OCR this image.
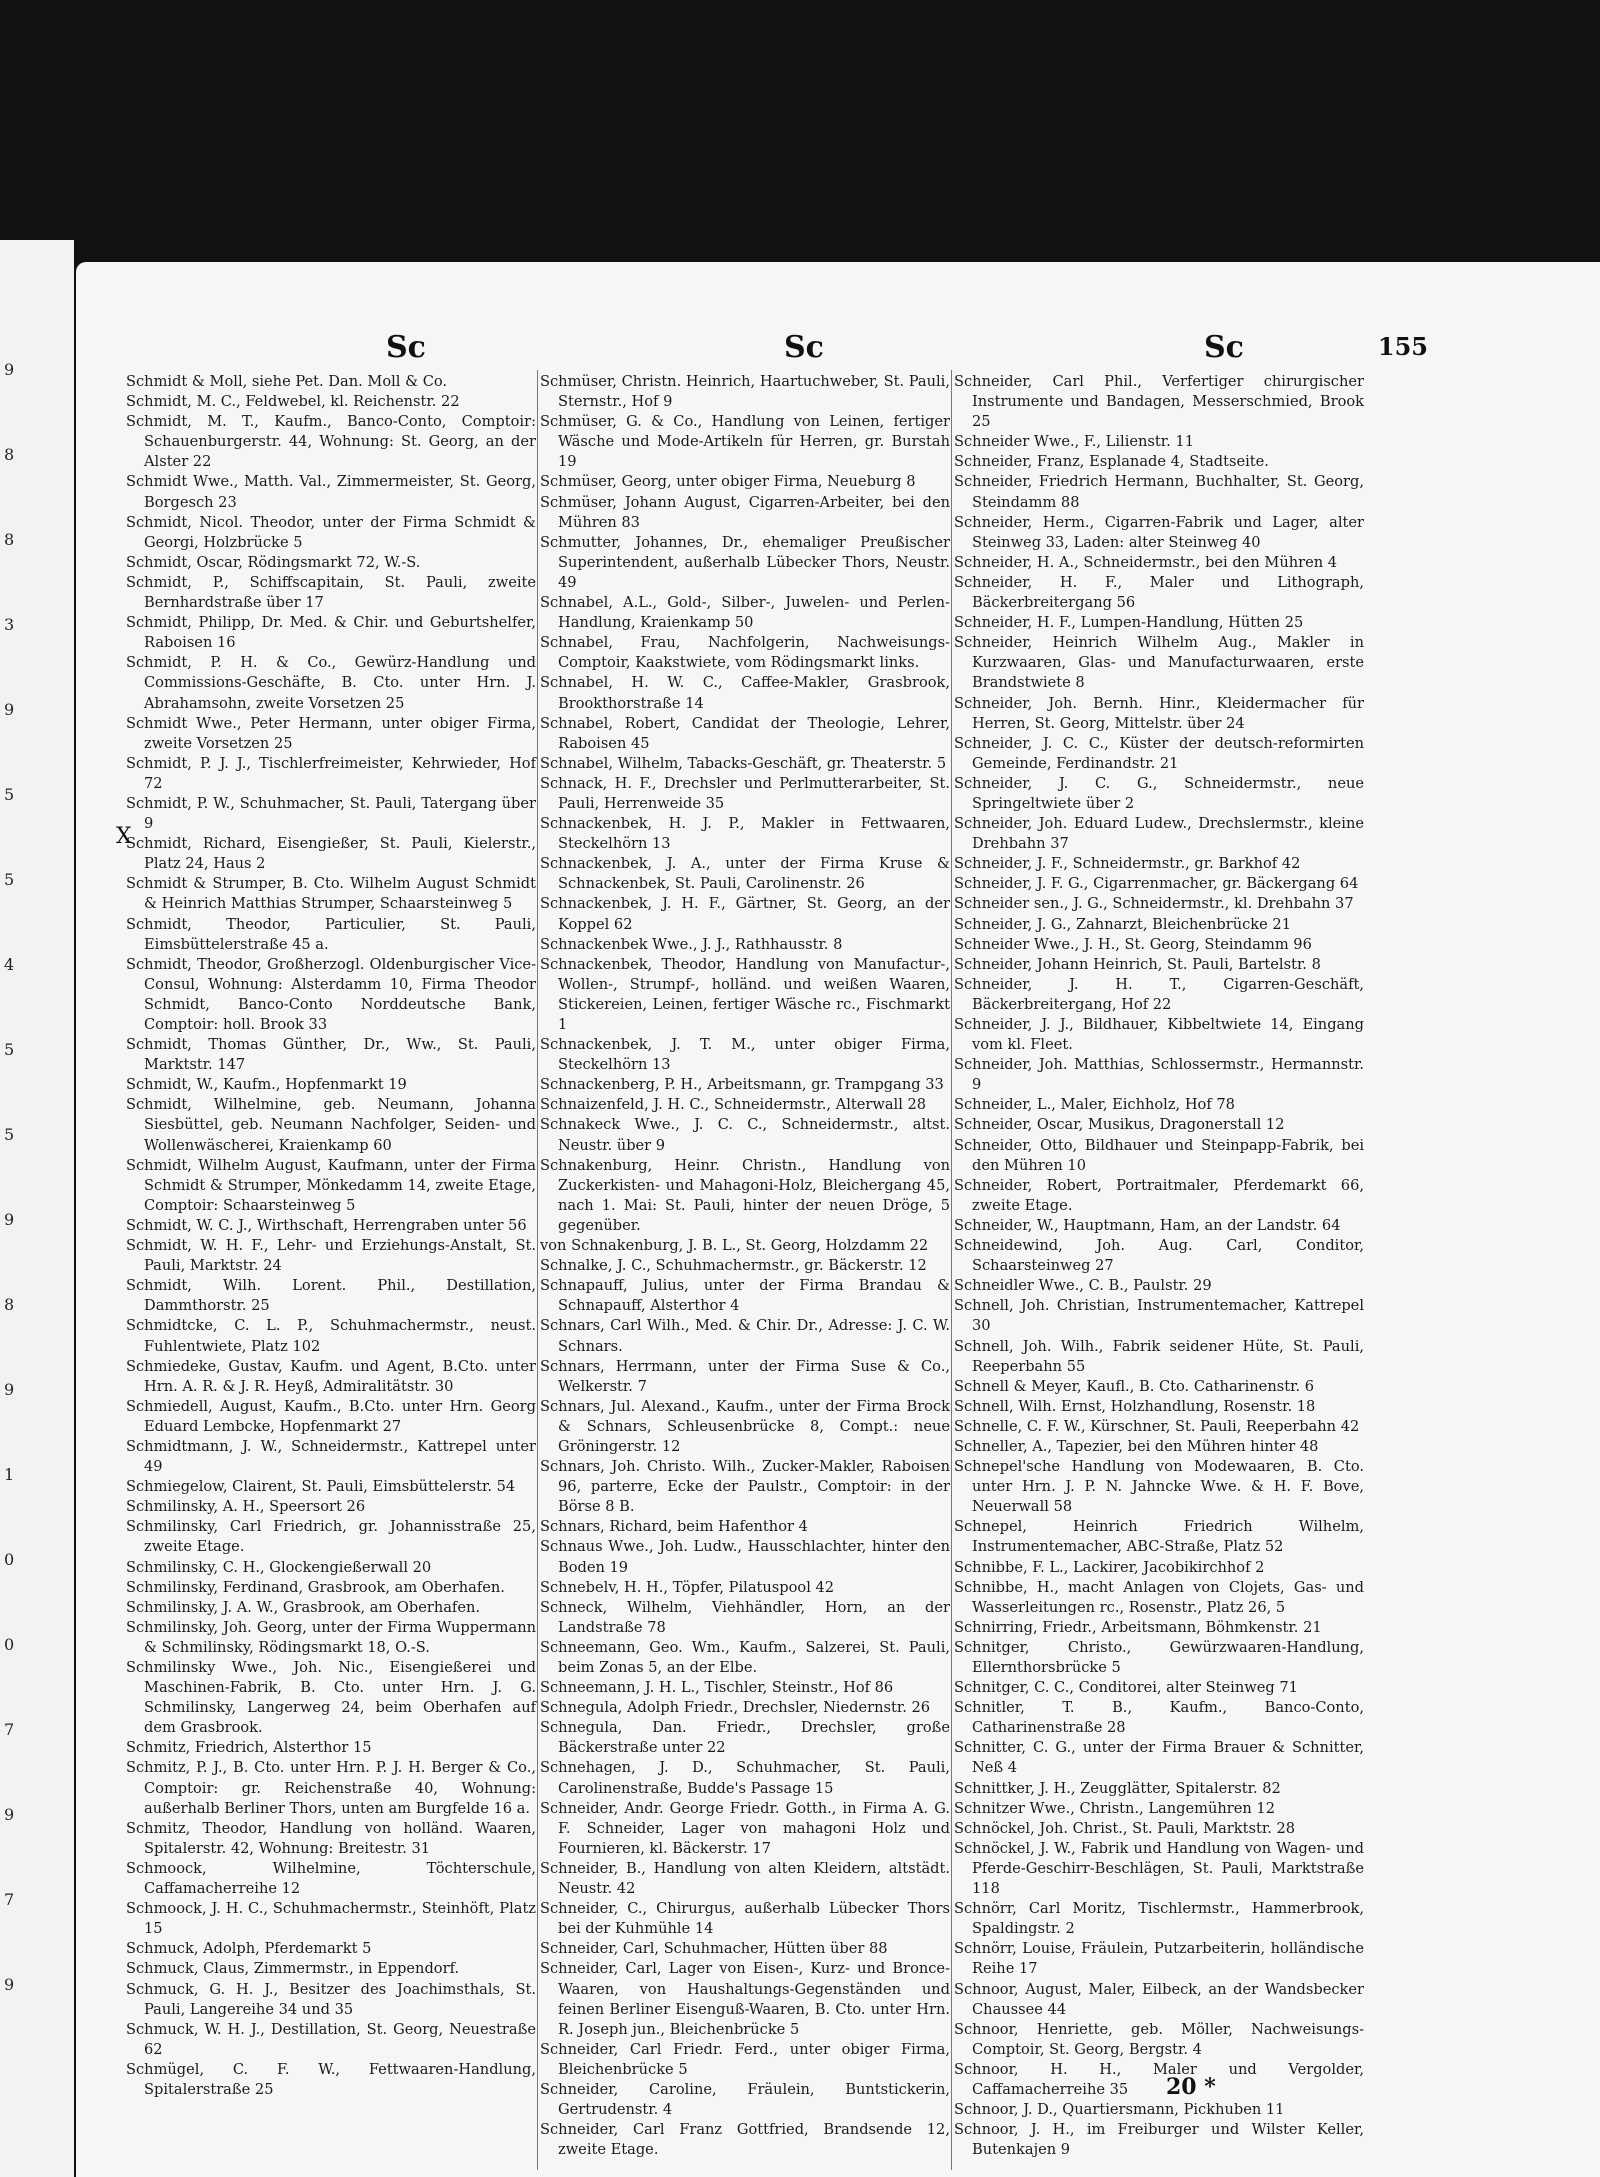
9
8
8
3
9
5
5
4
5
5
9
8
9
1
0
0
7
9
7
9
Sc	Sc	Sc	155
X

Schmidt & Moll, siehe Pet. Dan. Moll & Co.

Schmidt, M. C., Feldwebel, kl. Reichenstr. 22

Schmidt, M. T., Kaufm., Banco-Conto, Comptoir: Schauenburgerstr. 44, Wohnung: St. Georg, an der Alster 22

Schmidt Wwe., Matth. Val., Zimmermeister, St. Georg, Borgesch 23

Schmidt, Nicol. Theodor, unter der Firma Schmidt & Georgi, Holzbrücke 5

Schmidt, Oscar, Rödingsmarkt 72, W.-S.

Schmidt, P., Schiffscapitain, St. Pauli, zweite Bernhardstraße über 17

Schmidt, Philipp, Dr. Med. & Chir. und Geburtshelfer, Raboisen 16

Schmidt, P. H. & Co., Gewürz-Handlung und Commissions-Geschäfte, B. Cto. unter Hrn. J. Abrahamsohn, zweite Vorsetzen 25

Schmidt Wwe., Peter Hermann, unter obiger Firma, zweite Vorsetzen 25

Schmidt, P. J. J., Tischlerfreimeister, Kehrwieder, Hof 72

Schmidt, P. W., Schuhmacher, St. Pauli, Tatergang über 9

Schmidt, Richard, Eisengießer, St. Pauli, Kielerstr., Platz 24, Haus 2

Schmidt & Strumper, B. Cto. Wilhelm August Schmidt & Heinrich Matthias Strumper, Schaarsteinweg 5

Schmidt, Theodor, Particulier, St. Pauli, Eimsbüttelerstraße 45 a.

Schmidt, Theodor, Großherzogl. Oldenburgischer Vice-Consul, Wohnung: Alsterdamm 10, Firma Theodor Schmidt, Banco-Conto Norddeutsche Bank, Comptoir: holl. Brook 33

Schmidt, Thomas Günther, Dr., Ww., St. Pauli, Marktstr. 147

Schmidt, W., Kaufm., Hopfenmarkt 19

Schmidt, Wilhelmine, geb. Neumann, Johanna Siesbüttel, geb. Neumann Nachfolger, Seiden- und Wollenwäscherei, Kraienkamp 60

Schmidt, Wilhelm August, Kaufmann, unter der Firma Schmidt & Strumper, Mönkedamm 14, zweite Etage, Comptoir: Schaarsteinweg 5

Schmidt, W. C. J., Wirthschaft, Herrengraben unter 56

Schmidt, W. H. F., Lehr- und Erziehungs-Anstalt, St. Pauli, Marktstr. 24

Schmidt, Wilh. Lorent. Phil., Destillation, Dammthorstr. 25

Schmidtcke, C. L. P., Schuhmachermstr., neust. Fuhlentwiete, Platz 102

Schmiedeke, Gustav, Kaufm. und Agent, B.Cto. unter Hrn. A. R. & J. R. Heyß, Admiralitätstr. 30

Schmiedell, August, Kaufm., B.Cto. unter Hrn. Georg Eduard Lembcke, Hopfenmarkt 27

Schmidtmann, J. W., Schneidermstr., Kattrepel unter 49

Schmiegelow, Clairent, St. Pauli, Eimsbüttelerstr. 54

Schmilinsky, A. H., Speersort 26

Schmilinsky, Carl Friedrich, gr. Johannisstraße 25, zweite Etage.

Schmilinsky, C. H., Glockengießerwall 20

Schmilinsky, Ferdinand, Grasbrook, am Oberhafen.

Schmilinsky, J. A. W., Grasbrook, am Oberhafen.

Schmilinsky, Joh. Georg, unter der Firma Wuppermann & Schmilinsky, Rödingsmarkt 18, O.-S.

Schmilinsky Wwe., Joh. Nic., Eisengießerei und Maschinen-Fabrik, B. Cto. unter Hrn. J. G. Schmilinsky, Langerweg 24, beim Oberhafen auf dem Grasbrook.

Schmitz, Friedrich, Alsterthor 15

Schmitz, P. J., B. Cto. unter Hrn. P. J. H. Berger & Co., Comptoir: gr. Reichenstraße 40, Wohnung: außerhalb Berliner Thors, unten am Burgfelde 16 a.

Schmitz, Theodor, Handlung von holländ. Waaren, Spitalerstr. 42, Wohnung: Breitestr. 31

Schmoock, Wilhelmine, Töchterschule, Caffamacherreihe 12

Schmoock, J. H. C., Schuhmachermstr., Steinhöft, Platz 15

Schmuck, Adolph, Pferdemarkt 5

Schmuck, Claus, Zimmermstr., in Eppendorf.

Schmuck, G. H. J., Besitzer des Joachimsthals, St. Pauli, Langereihe 34 und 35

Schmuck, W. H. J., Destillation, St. Georg, Neuestraße 62

Schmügel, C. F. W., Fettwaaren-Handlung, Spitalerstraße 25

Schmüser, Christn. Heinrich, Haartuchweber, St. Pauli, Sternstr., Hof 9

Schmüser, G. & Co., Handlung von Leinen, fertiger Wäsche und Mode-Artikeln für Herren, gr. Burstah 19

Schmüser, Georg, unter obiger Firma, Neueburg 8

Schmüser, Johann August, Cigarren-Arbeiter, bei den Mühren 83

Schmutter, Johannes, Dr., ehemaliger Preußischer Superintendent, außerhalb Lübecker Thors, Neustr. 49

Schnabel, A.L., Gold-, Silber-, Juwelen- und Perlen-Handlung, Kraienkamp 50

Schnabel, Frau, Nachfolgerin, Nachweisungs-Comptoir, Kaakstwiete, vom Rödingsmarkt links.

Schnabel, H. W. C., Caffee-Makler, Grasbrook, Brookthorstraße 14

Schnabel, Robert, Candidat der Theologie, Lehrer, Raboisen 45

Schnabel, Wilhelm, Tabacks-Geschäft, gr. Theaterstr. 5

Schnack, H. F., Drechsler und Perlmutterarbeiter, St. Pauli, Herrenweide 35

Schnackenbek, H. J. P., Makler in Fettwaaren, Steckelhörn 13

Schnackenbek, J. A., unter der Firma Kruse & Schnackenbek, St. Pauli, Carolinenstr. 26

Schnackenbek, J. H. F., Gärtner, St. Georg, an der Koppel 62

Schnackenbek Wwe., J. J., Rathhausstr. 8

Schnackenbek, Theodor, Handlung von Manufactur-, Wollen-, Strumpf-, holländ. und weißen Waaren, Stickereien, Leinen, fertiger Wäsche rc., Fischmarkt 1

Schnackenbek, J. T. M., unter obiger Firma, Steckelhörn 13

Schnackenberg, P. H., Arbeitsmann, gr. Trampgang 33

Schnaizenfeld, J. H. C., Schneidermstr., Alterwall 28

Schnakeck Wwe., J. C. C., Schneidermstr., altst. Neustr. über 9

Schnakenburg, Heinr. Christn., Handlung von Zuckerkisten- und Mahagoni-Holz, Bleichergang 45, nach 1. Mai: St. Pauli, hinter der neuen Dröge, 5 gegenüber.

von Schnakenburg, J. B. L., St. Georg, Holzdamm 22

Schnalke, J. C., Schuhmachermstr., gr. Bäckerstr. 12

Schnapauff, Julius, unter der Firma Brandau & Schnapauff, Alsterthor 4

Schnars, Carl Wilh., Med. & Chir. Dr., Adresse: J. C. W. Schnars.

Schnars, Herrmann, unter der Firma Suse & Co., Welkerstr. 7

Schnars, Jul. Alexand., Kaufm., unter der Firma Brock & Schnars, Schleusenbrücke 8, Compt.: neue Gröningerstr. 12

Schnars, Joh. Christo. Wilh., Zucker-Makler, Raboisen 96, parterre, Ecke der Paulstr., Comptoir: in der Börse 8 B.

Schnars, Richard, beim Hafenthor 4

Schnaus Wwe., Joh. Ludw., Hausschlachter, hinter den Boden 19

Schnebelv, H. H., Töpfer, Pilatuspool 42

Schneck, Wilhelm, Viehhändler, Horn, an der Landstraße 78

Schneemann, Geo. Wm., Kaufm., Salzerei, St. Pauli, beim Zonas 5, an der Elbe.

Schneemann, J. H. L., Tischler, Steinstr., Hof 86

Schnegula, Adolph Friedr., Drechsler, Niedernstr. 26

Schnegula, Dan. Friedr., Drechsler, große Bäckerstraße unter 22

Schnehagen, J. D., Schuhmacher, St. Pauli, Carolinenstraße, Budde's Passage 15

Schneider, Andr. George Friedr. Gotth., in Firma A. G. F. Schneider, Lager von mahagoni Holz und Fournieren, kl. Bäckerstr. 17

Schneider, B., Handlung von alten Kleidern, altstädt. Neustr. 42

Schneider, C., Chirurgus, außerhalb Lübecker Thors bei der Kuhmühle 14

Schneider, Carl, Schuhmacher, Hütten über 88

Schneider, Carl, Lager von Eisen-, Kurz- und Bronce-Waaren, von Haushaltungs-Gegenständen und feinen Berliner Eisenguß-Waaren, B. Cto. unter Hrn. R. Joseph jun., Bleichenbrücke 5

Schneider, Carl Friedr. Ferd., unter obiger Firma, Bleichenbrücke 5

Schneider, Caroline, Fräulein, Buntstickerin, Gertrudenstr. 4

Schneider, Carl Franz Gottfried, Brandsende 12, zweite Etage.

Schneider, Carl Phil., Verfertiger chirurgischer Instrumente und Bandagen, Messerschmied, Brook 25

Schneider Wwe., F., Lilienstr. 11

Schneider, Franz, Esplanade 4, Stadtseite.

Schneider, Friedrich Hermann, Buchhalter, St. Georg, Steindamm 88

Schneider, Herm., Cigarren-Fabrik und Lager, alter Steinweg 33, Laden: alter Steinweg 40

Schneider, H. A., Schneidermstr., bei den Mühren 4

Schneider, H. F., Maler und Lithograph, Bäckerbreitergang 56

Schneider, H. F., Lumpen-Handlung, Hütten 25

Schneider, Heinrich Wilhelm Aug., Makler in Kurzwaaren, Glas- und Manufacturwaaren, erste Brandstwiete 8

Schneider, Joh. Bernh. Hinr., Kleidermacher für Herren, St. Georg, Mittelstr. über 24

Schneider, J. C. C., Küster der deutsch-reformirten Gemeinde, Ferdinandstr. 21

Schneider, J. C. G., Schneidermstr., neue Springeltwiete über 2

Schneider, Joh. Eduard Ludew., Drechslermstr., kleine Drehbahn 37

Schneider, J. F., Schneidermstr., gr. Barkhof 42

Schneider, J. F. G., Cigarrenmacher, gr. Bäckergang 64

Schneider sen., J. G., Schneidermstr., kl. Drehbahn 37

Schneider, J. G., Zahnarzt, Bleichenbrücke 21

Schneider Wwe., J. H., St. Georg, Steindamm 96

Schneider, Johann Heinrich, St. Pauli, Bartelstr. 8

Schneider, J. H. T., Cigarren-Geschäft, Bäckerbreitergang, Hof 22

Schneider, J. J., Bildhauer, Kibbeltwiete 14, Eingang vom kl. Fleet.

Schneider, Joh. Matthias, Schlossermstr., Hermannstr. 9

Schneider, L., Maler, Eichholz, Hof 78

Schneider, Oscar, Musikus, Dragonerstall 12

Schneider, Otto, Bildhauer und Steinpapp-Fabrik, bei den Mühren 10

Schneider, Robert, Portraitmaler, Pferdemarkt 66, zweite Etage.

Schneider, W., Hauptmann, Ham, an der Landstr. 64

Schneidewind, Joh. Aug. Carl, Conditor, Schaarsteinweg 27

Schneidler Wwe., C. B., Paulstr. 29

Schnell, Joh. Christian, Instrumentemacher, Kattrepel 30

Schnell, Joh. Wilh., Fabrik seidener Hüte, St. Pauli, Reeperbahn 55

Schnell & Meyer, Kaufl., B. Cto. Catharinenstr. 6

Schnell, Wilh. Ernst, Holzhandlung, Rosenstr. 18

Schnelle, C. F. W., Kürschner, St. Pauli, Reeperbahn 42

Schneller, A., Tapezier, bei den Mühren hinter 48

Schnepel'sche Handlung von Modewaaren, B. Cto. unter Hrn. J. P. N. Jahncke Wwe. & H. F. Bove, Neuerwall 58

Schnepel, Heinrich Friedrich Wilhelm, Instrumentemacher, ABC-Straße, Platz 52

Schnibbe, F. L., Lackirer, Jacobikirchhof 2

Schnibbe, H., macht Anlagen von Clojets, Gas- und Wasserleitungen rc., Rosenstr., Platz 26, 5

Schnirring, Friedr., Arbeitsmann, Böhmkenstr. 21

Schnitger, Christo., Gewürzwaaren-Handlung, Ellernthorsbrücke 5

Schnitger, C. C., Conditorei, alter Steinweg 71

Schnitler, T. B., Kaufm., Banco-Conto, Catharinenstraße 28

Schnitter, C. G., unter der Firma Brauer & Schnitter, Neß 4

Schnittker, J. H., Zeugglätter, Spitalerstr. 82

Schnitzer Wwe., Christn., Langemühren 12

Schnöckel, Joh. Christ., St. Pauli, Marktstr. 28

Schnöckel, J. W., Fabrik und Handlung von Wagen- und Pferde-Geschirr-Beschlägen, St. Pauli, Marktstraße 118

Schnörr, Carl Moritz, Tischlermstr., Hammerbrook, Spaldingstr. 2

Schnörr, Louise, Fräulein, Putzarbeiterin, holländische Reihe 17

Schnoor, August, Maler, Eilbeck, an der Wandsbecker Chaussee 44

Schnoor, Henriette, geb. Möller, Nachweisungs-Comptoir, St. Georg, Bergstr. 4

Schnoor, H. H., Maler und Vergolder, Caffamacherreihe 35

Schnoor, J. D., Quartiersmann, Pickhuben 11

Schnoor, J. H., im Freiburger und Wilster Keller, Butenkajen 9

20 *
